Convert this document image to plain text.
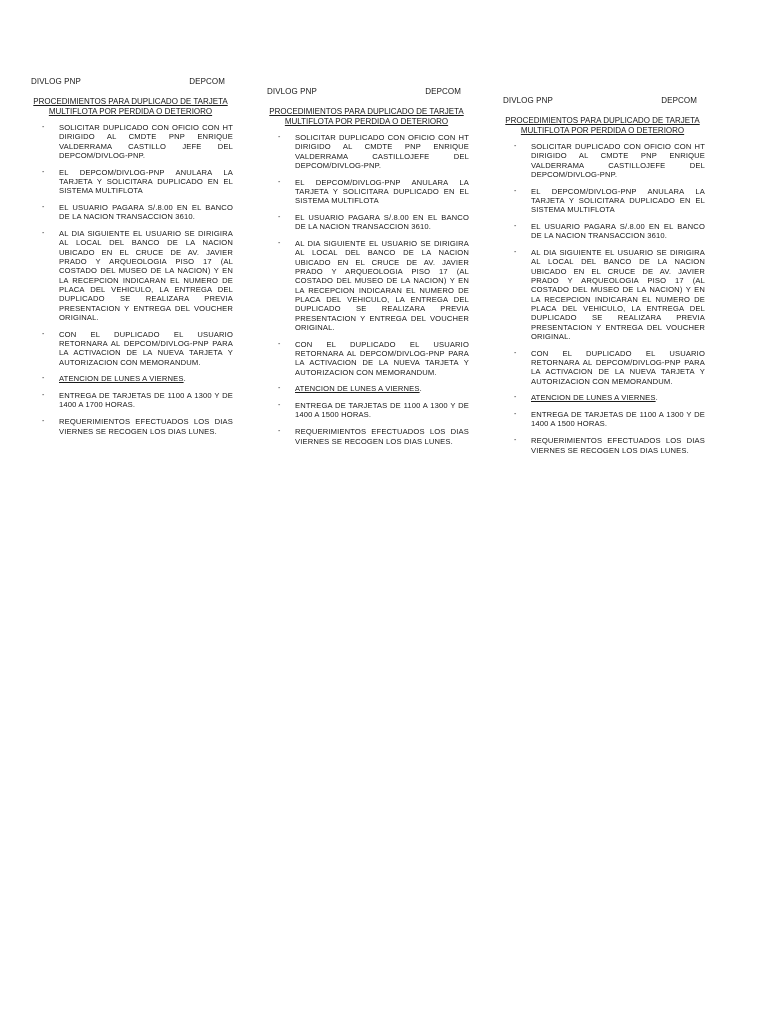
DIVLOG PNP	DEPCOM
PROCEDIMIENTOS PARA DUPLICADO DE TARJETA
MULTIFLOTA POR PERDIDA O DETERIORO
- SOLICITAR DUPLICADO CON OFICIO CON HT DIRIGIDO AL CMDTE PNP ENRIQUE VALDERRAMA CASTILLO JEFE DEL DEPCOM/DIVLOG-PNP.
- EL DEPCOM/DIVLOG-PNP ANULARA LA TARJETA Y SOLICITARA DUPLICADO EN EL SISTEMA MULTIFLOTA
- EL USUARIO PAGARA S/.8.00 EN EL BANCO DE LA NACION TRANSACCION 3610.
- AL DIA SIGUIENTE EL USUARIO SE DIRIGIRA AL LOCAL DEL BANCO DE LA NACION UBICADO EN EL CRUCE DE AV. JAVIER PRADO Y ARQUEOLOGIA PISO 17 (AL COSTADO DEL MUSEO DE LA NACION) Y EN LA RECEPCION INDICARAN EL NUMERO DE PLACA DEL VEHICULO, LA ENTREGA DEL DUPLICADO SE REALIZARA PREVIA PRESENTACION Y ENTREGA DEL VOUCHER ORIGINAL.
- CON EL DUPLICADO EL USUARIO RETORNARA AL DEPCOM/DIVLOG-PNP PARA LA ACTIVACION DE LA NUEVA TARJETA Y AUTORIZACION CON MEMORANDUM.
- ATENCION DE LUNES A VIERNES.
- ENTREGA DE TARJETAS DE 1100 A 1300 Y DE 1400 A 1700 HORAS.
- REQUERIMIENTOS EFECTUADOS LOS DIAS VIERNES SE RECOGEN LOS DIAS LUNES.
DIVLOG PNP	DEPCOM
PROCEDIMIENTOS PARA DUPLICADO DE TARJETA
MULTIFLOTA POR PERDIDA O DETERIORO
- SOLICITAR DUPLICADO CON OFICIO CON HT DIRIGIDO AL CMDTE PNP ENRIQUE VALDERRAMA CASTILLOJEFE DEL DEPCOM/DIVLOG-PNP.
- EL DEPCOM/DIVLOG-PNP ANULARA LA TARJETA Y SOLICITARA DUPLICADO EN EL SISTEMA MULTIFLOTA
- EL USUARIO PAGARA S/.8.00 EN EL BANCO DE LA NACION TRANSACCION 3610.
- AL DIA SIGUIENTE EL USUARIO SE DIRIGIRA AL LOCAL DEL BANCO DE LA NACION UBICADO EN EL CRUCE DE AV. JAVIER PRADO Y ARQUEOLOGIA PISO 17 (AL COSTADO DEL MUSEO DE LA NACION) Y EN LA RECEPCION INDICARAN EL NUMERO DE PLACA DEL VEHICULO, LA ENTREGA DEL DUPLICADO SE REALIZARA PREVIA PRESENTACION Y ENTREGA DEL VOUCHER ORIGINAL.
- CON EL DUPLICADO EL USUARIO RETORNARA AL DEPCOM/DIVLOG-PNP PARA LA ACTIVACION DE LA NUEVA TARJETA Y AUTORIZACION CON MEMORANDUM.
- ATENCION DE LUNES A VIERNES.
- ENTREGA DE TARJETAS DE 1100 A 1300 Y DE 1400 A 1500 HORAS.
- REQUERIMIENTOS EFECTUADOS LOS DIAS VIERNES SE RECOGEN LOS DIAS LUNES.
DIVLOG PNP	DEPCOM
PROCEDIMIENTOS PARA DUPLICADO DE TARJETA
MULTIFLOTA POR PERDIDA O DETERIORO
- SOLICITAR DUPLICADO CON OFICIO CON HT DIRIGIDO AL CMDTE PNP ENRIQUE VALDERRAMA CASTILLOJEFE DEL DEPCOM/DIVLOG-PNP.
- EL DEPCOM/DIVLOG-PNP ANULARA LA TARJETA Y SOLICITARA DUPLICADO EN EL SISTEMA MULTIFLOTA
- EL USUARIO PAGARA S/.8.00 EN EL BANCO DE LA NACION TRANSACCION 3610.
- AL DIA SIGUIENTE EL USUARIO SE DIRIGIRA AL LOCAL DEL BANCO DE LA NACION UBICADO EN EL CRUCE DE AV. JAVIER PRADO Y ARQUEOLOGIA PISO 17 (AL COSTADO DEL MUSEO DE LA NACION) Y EN LA RECEPCION INDICARAN EL NUMERO DE PLACA DEL VEHICULO, LA ENTREGA DEL DUPLICADO SE REALIZARA PREVIA PRESENTACION Y ENTREGA DEL VOUCHER ORIGINAL.
- CON EL DUPLICADO EL USUARIO RETORNARA AL DEPCOM/DIVLOG-PNP PARA LA ACTIVACION DE LA NUEVA TARJETA Y AUTORIZACION CON MEMORANDUM.
- ATENCION DE LUNES A VIERNES.
- ENTREGA DE TARJETAS DE 1100 A 1300 Y DE 1400 A 1500 HORAS.
- REQUERIMIENTOS EFECTUADOS LOS DIAS VIERNES SE RECOGEN LOS DIAS LUNES.
